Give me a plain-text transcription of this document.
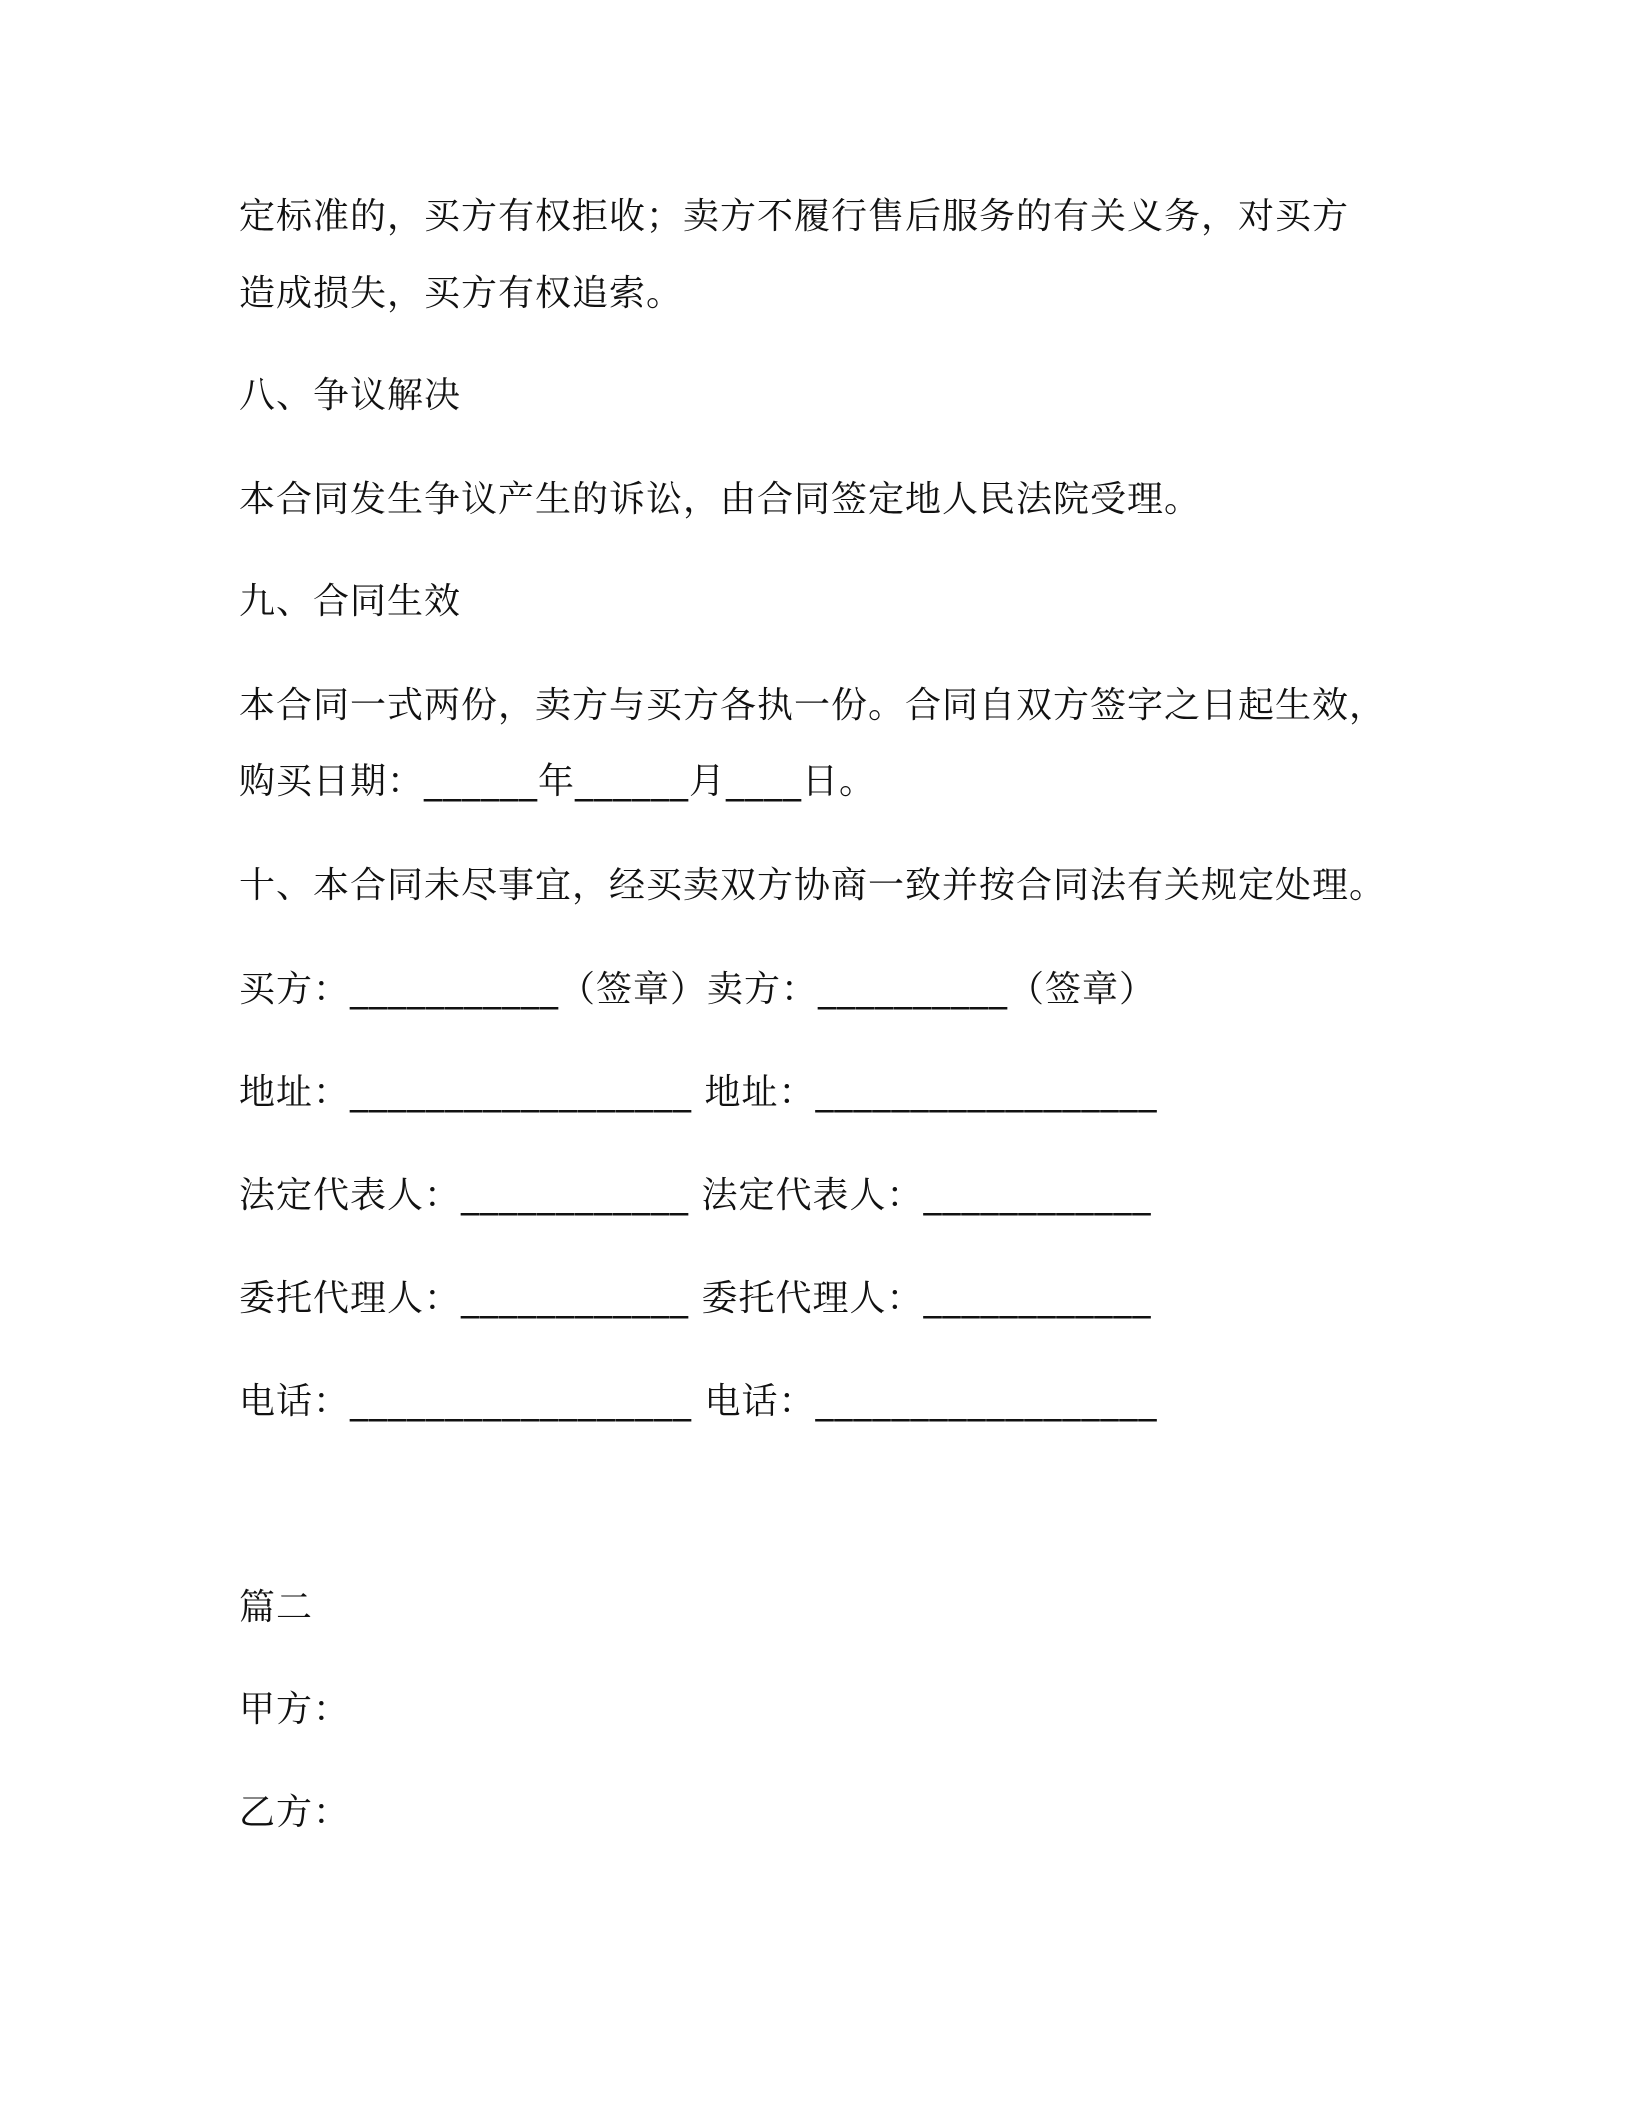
定标准的，买方有权拒收；卖方不履行售后服务的有关义务，对买方
造成损失，买方有权追索。
八、争议解决
本合同发生争议产生的诉讼，由合同签定地人民法院受理。
九、合同生效
本合同一式两份，卖方与买方各执一份。合同自双方签字之日起生效，
购买日期：______年______月____日。
十、本合同未尽事宜，经买卖双方协商一致并按合同法有关规定处理。
买方：___________（签章）卖方：__________（签章）
地址：__________________ 地址：__________________
法定代表人：____________ 法定代表人：____________
委托代理人：____________ 委托代理人：____________
电话：__________________ 电话：__________________
篇二
甲方：
乙方：
